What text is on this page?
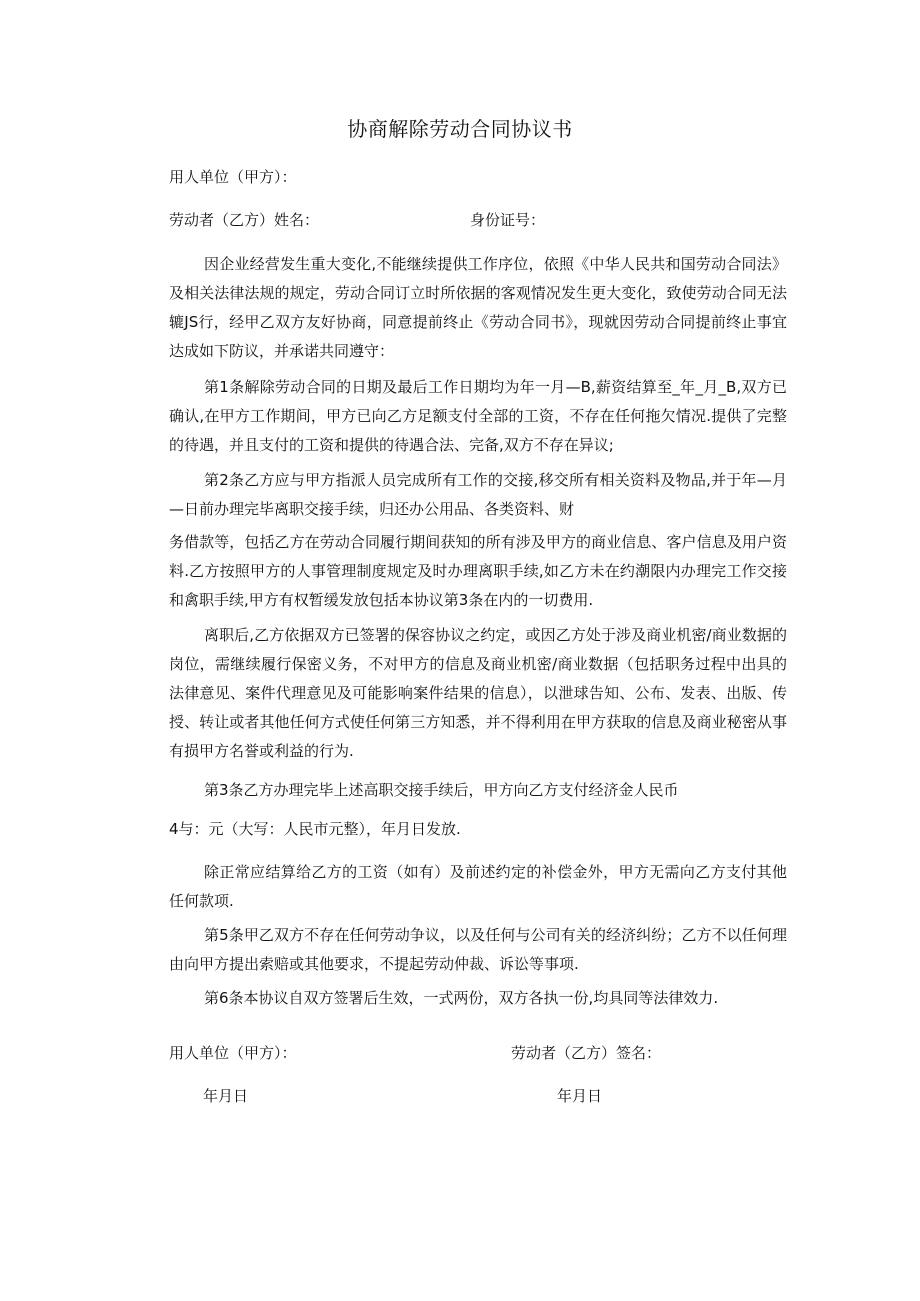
协商解除劳动合同协议书
用人单位（甲方）：
劳动者（乙方）姓名：	身份证号：
因企业经营发生重大变化,不能继续提供工作序位，依照《中华人民共和国劳动合同法》及相关法律法规的规定，劳动合同订立时所依据的客观情况发生更大变化，致使劳动合同无法辘JS行，经甲乙双方友好协商，同意提前终止《劳动合同书》，现就因劳动合同提前终止事宜达成如下防议，并承诺共同遵守：
第1条解除劳动合同的日期及最后工作日期均为年一月—B,薪资结算至_年_月_B,双方已确认,在甲方工作期间，甲方已向乙方足额支付全部的工资，不存在任何拖欠情况.提供了完整的待遇，并且支付的工资和提供的待遇合法、完备,双方不存在异议;
第2条乙方应与甲方指派人员完成所有工作的交接,移交所有相关资料及物品,并于年—月—日前办理完毕离职交接手续，归还办公用品、各类资料、财
务借款等，包括乙方在劳动合同履行期间获知的所有涉及甲方的商业信息、客户信息及用户资料.乙方按照甲方的人事管理制度规定及时办理离职手续,如乙方未在约潮限内办理完工作交接和禽职手续,甲方有权暂缓发放包括本协议第3条在内的一切费用.
离职后,乙方依据双方已签署的保容协议之约定，或因乙方处于涉及商业机密/商业数据的岗位，需继续履行保密义务，不对甲方的信息及商业机密/商业数据（包括职务过程中出具的法律意见、案件代理意见及可能影响案件结果的信息），以泄球告知、公布、发表、出版、传授、转让或者其他任何方式使任何第三方知悉，并不得利用在甲方获取的信息及商业秘密从事有损甲方名誉或利益的行为.
第3条乙方办理完毕上述高职交接手续后，甲方向乙方支付经济金人民币
4与：元（大写：人民市元整），年月日发放.
除正常应结算给乙方的工资（如有）及前述约定的补偿金外，甲方无需向乙方支付其他任何款项.
第5条甲乙双方不存在任何劳动争议，以及任何与公司有关的经济纠纷；乙方不以任何理由向甲方提出索赔或其他要求，不提起劳动仲裁、诉讼等事项.
第6条本协议自双方签署后生效，一式两份，双方各执一份,均具同等法律效力.
用人单位（甲方）：	劳动者（乙方）签名：
年月日	年月日
